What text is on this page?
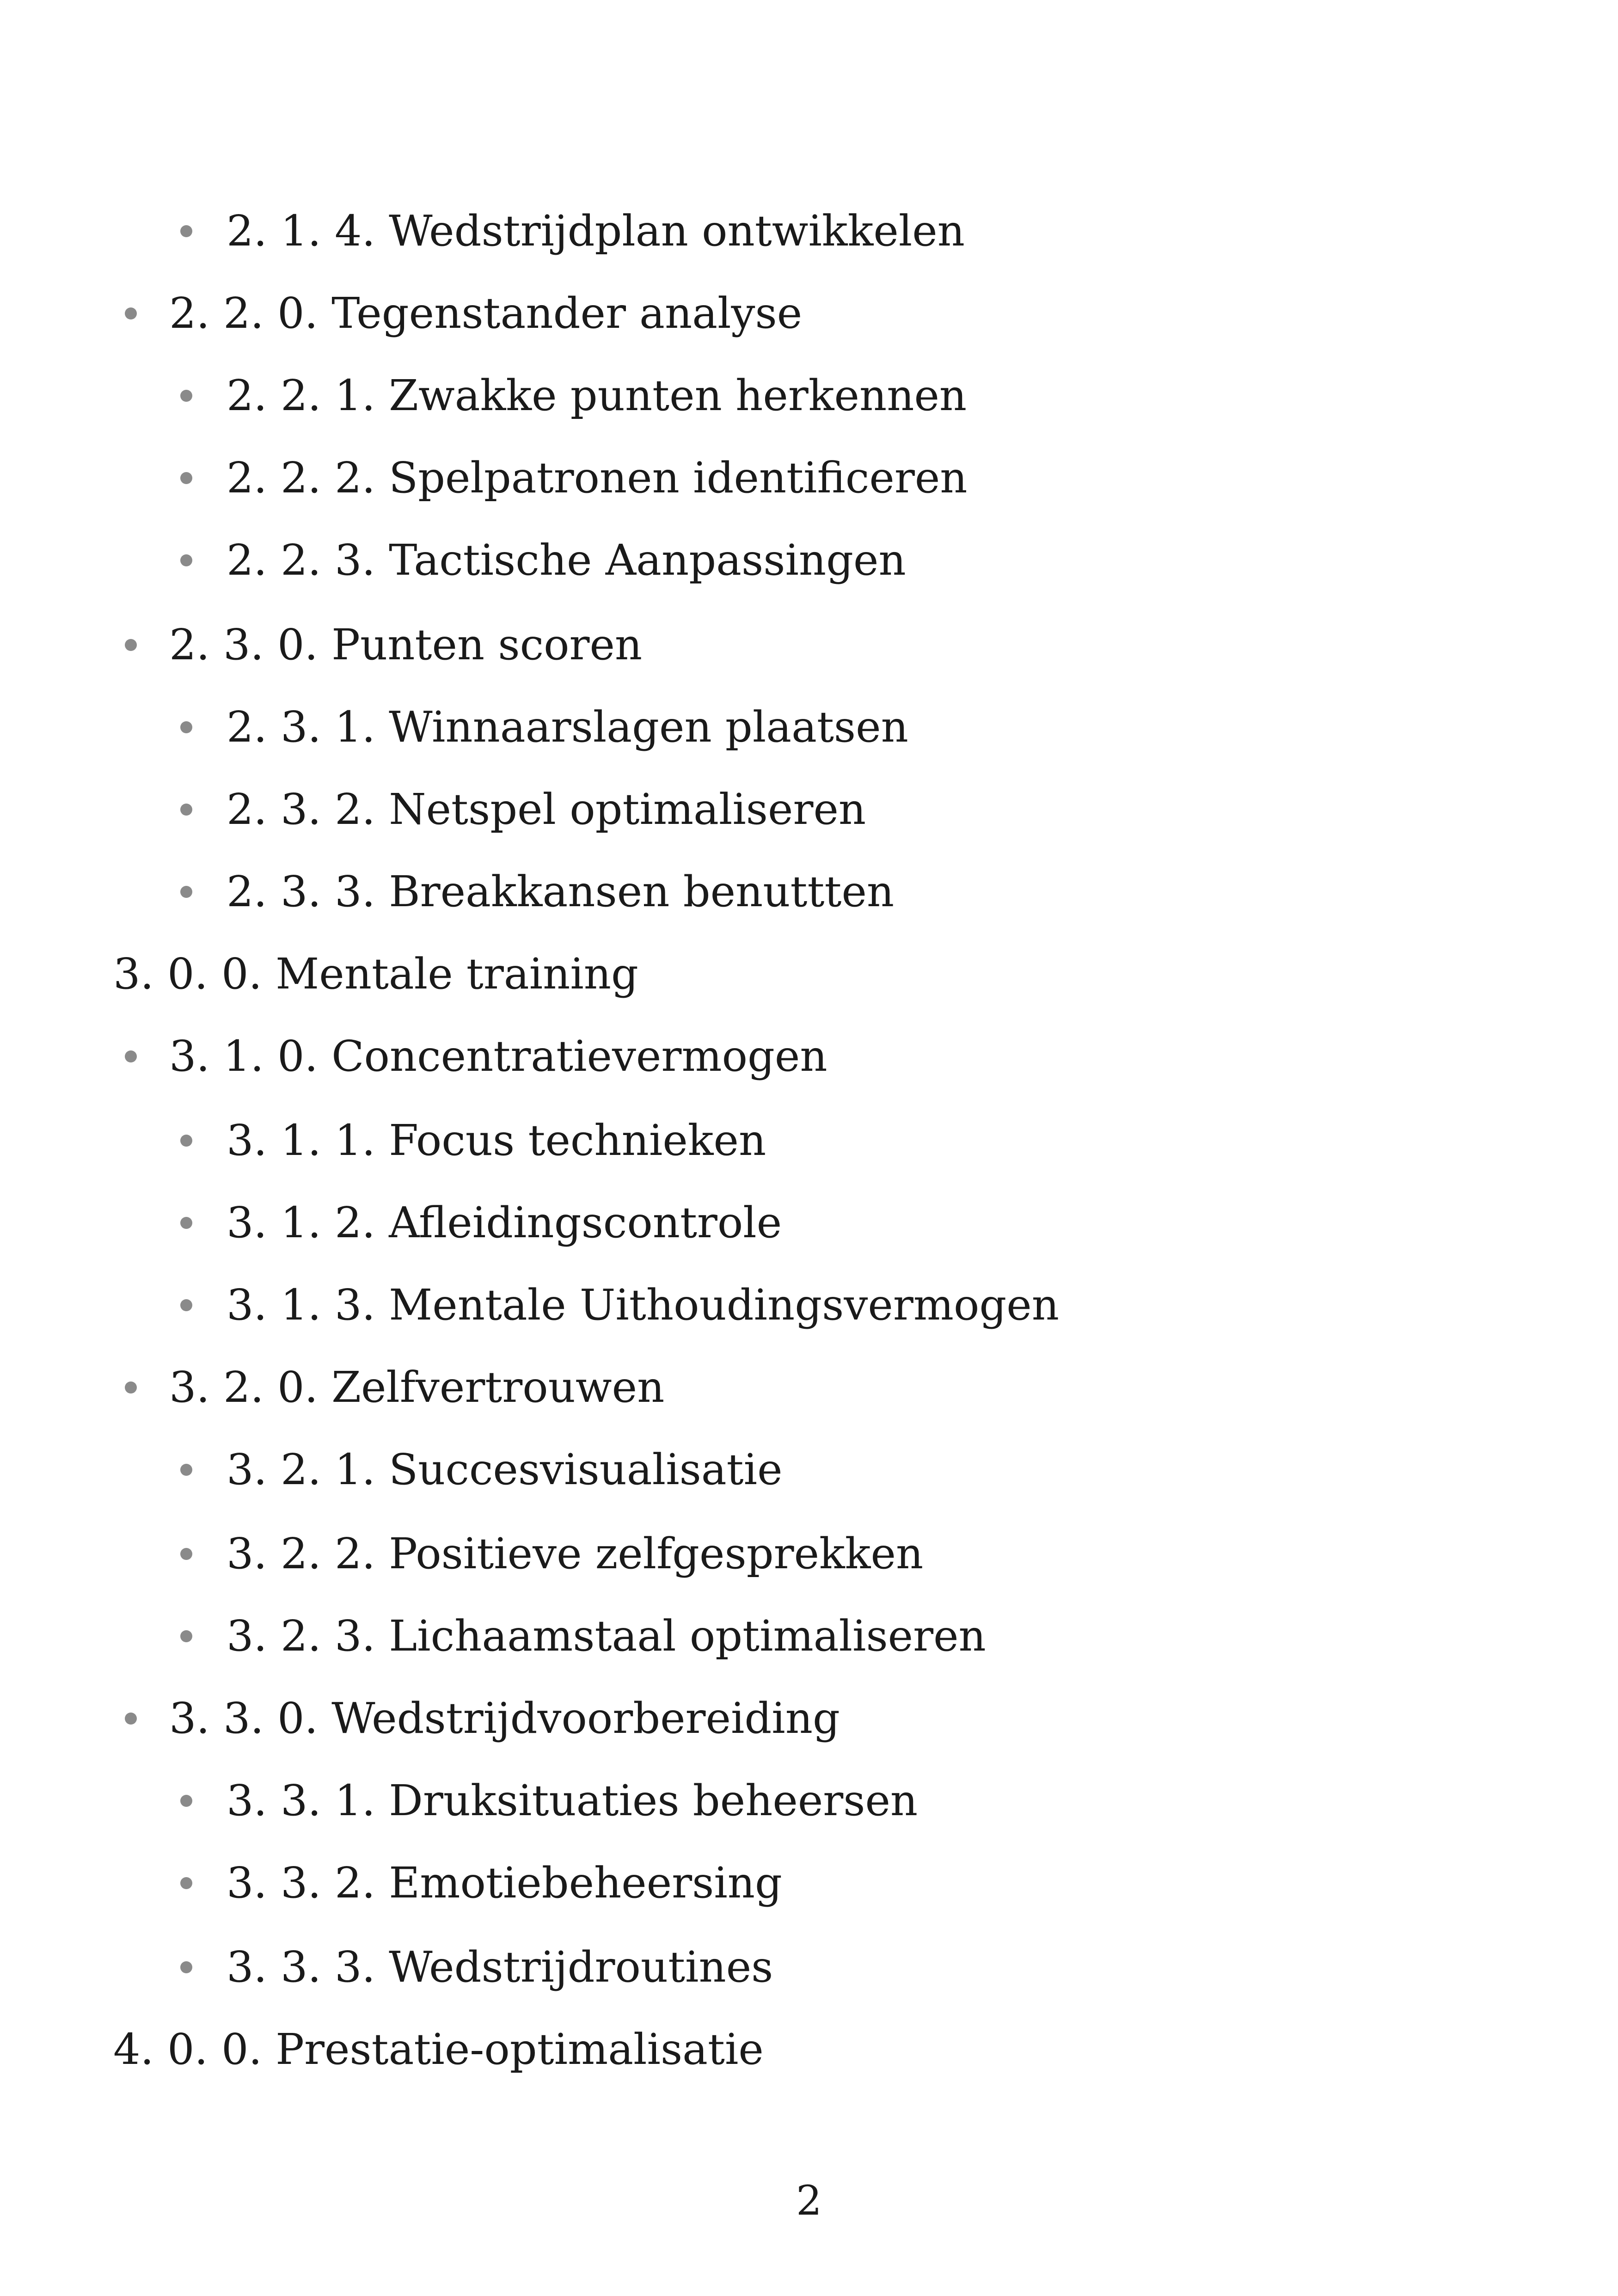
2. 1. 4. Wedstrijdplan ontwikkelen
2. 2. 0. Tegenstander analyse
2. 2. 1. Zwakke punten herkennen
2. 2. 2. Spelpatronen identificeren
2. 2. 3. Tactische Aanpassingen
2. 3. 0. Punten scoren
2. 3. 1. Winnaarslagen plaatsen
2. 3. 2. Netspel optimaliseren
2. 3. 3. Breakkansen benuttten
3. 0. 0. Mentale training
3. 1. 0. Concentratievermogen
3. 1. 1. Focus technieken
3. 1. 2. Afleidingscontrole
3. 1. 3. Mentale Uithoudingsvermogen
3. 2. 0. Zelfvertrouwen
3. 2. 1. Succesvisualisatie
3. 2. 2. Positieve zelfgesprekken
3. 2. 3. Lichaamstaal optimaliseren
3. 3. 0. Wedstrijdvoorbereiding
3. 3. 1. Druksituaties beheersen
3. 3. 2. Emotiebeheersing
3. 3. 3. Wedstrijdroutines
4. 0. 0. Prestatie-optimalisatie
2
